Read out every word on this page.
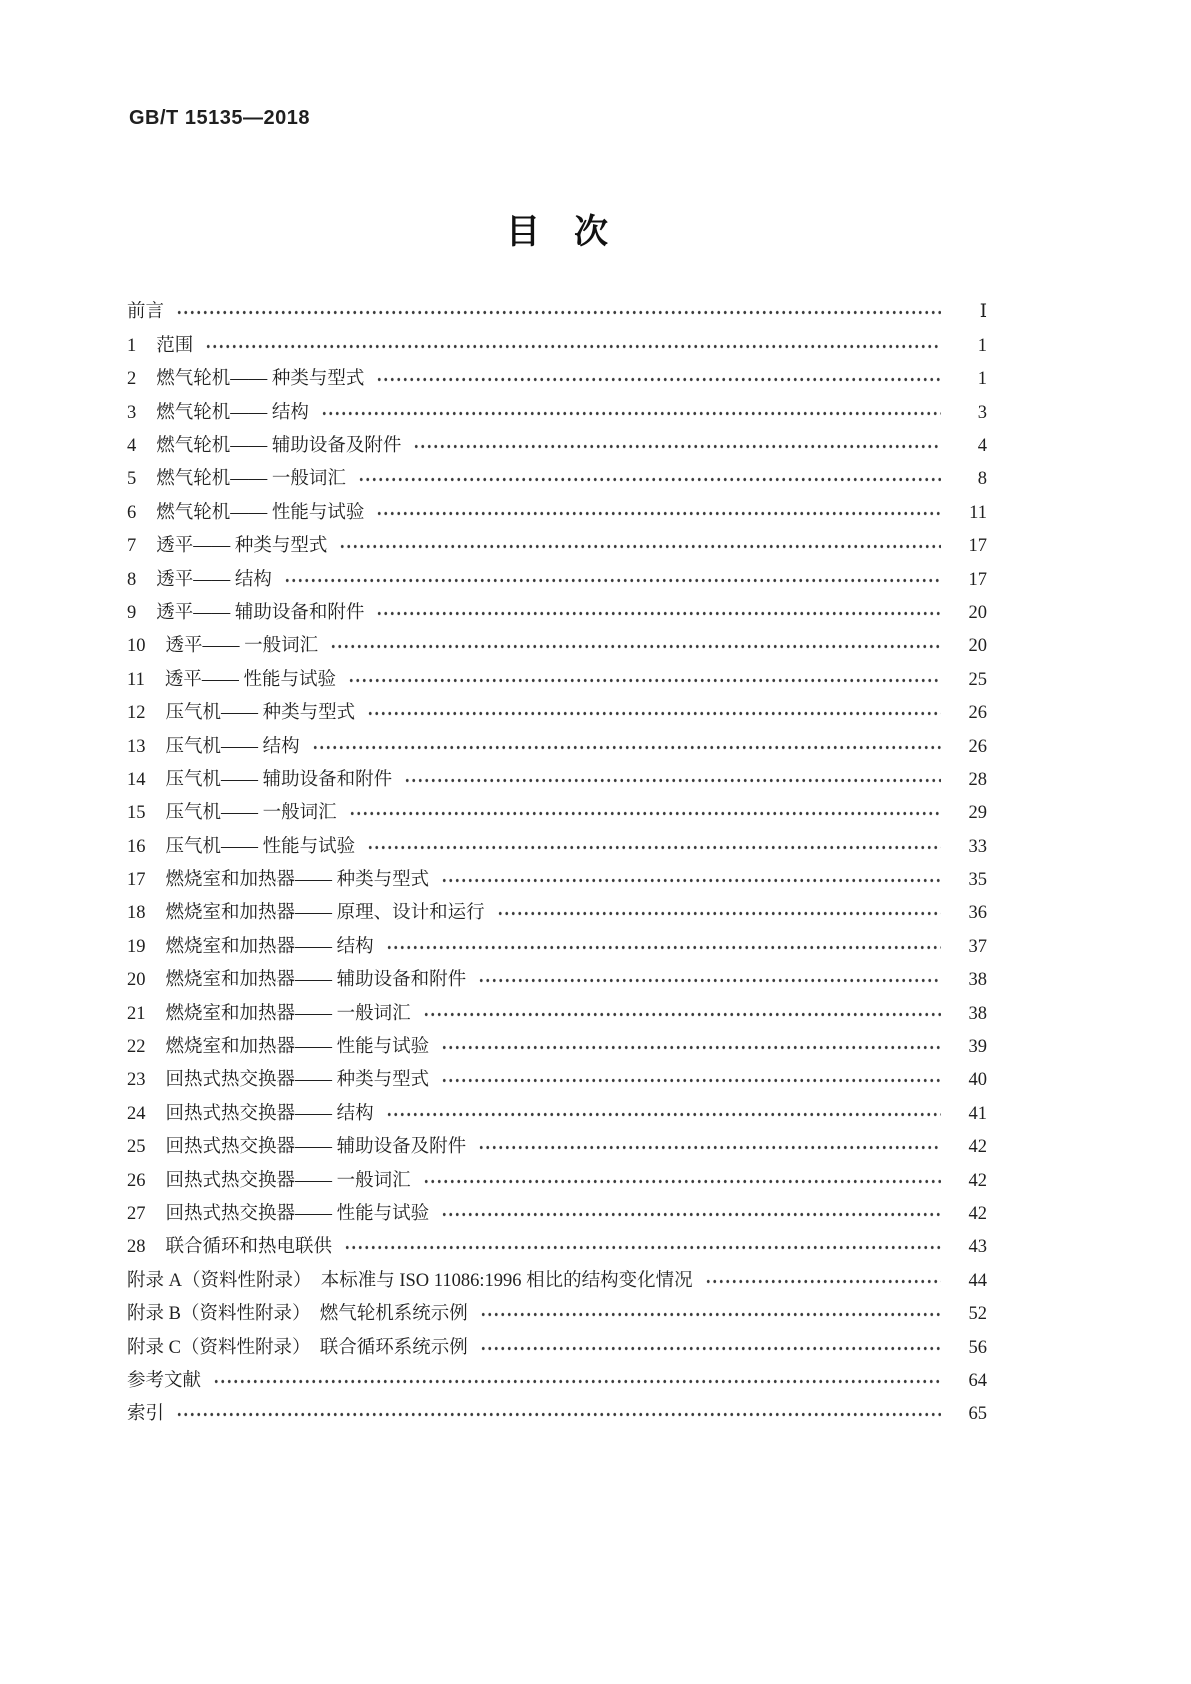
GB/T 15135—2018
目　次
前言	Ⅰ
1 范围	1
2 燃气轮机—— 种类与型式	1
3 燃气轮机—— 结构	3
4 燃气轮机—— 辅助设备及附件	4
5 燃气轮机—— 一般词汇	8
6 燃气轮机—— 性能与试验	11
7 透平—— 种类与型式	17
8 透平—— 结构	17
9 透平—— 辅助设备和附件	20
10 透平—— 一般词汇	20
11 透平—— 性能与试验	25
12 压气机—— 种类与型式	26
13 压气机—— 结构	26
14 压气机—— 辅助设备和附件	28
15 压气机—— 一般词汇	29
16 压气机—— 性能与试验	33
17 燃烧室和加热器—— 种类与型式	35
18 燃烧室和加热器—— 原理、设计和运行	36
19 燃烧室和加热器—— 结构	37
20 燃烧室和加热器—— 辅助设备和附件	38
21 燃烧室和加热器—— 一般词汇	38
22 燃烧室和加热器—— 性能与试验	39
23 回热式热交换器—— 种类与型式	40
24 回热式热交换器—— 结构	41
25 回热式热交换器—— 辅助设备及附件	42
26 回热式热交换器—— 一般词汇	42
27 回热式热交换器—— 性能与试验	42
28 联合循环和热电联供	43
附录 A（资料性附录）　本标准与 ISO 11086:1996 相比的结构变化情况	44
附录 B（资料性附录）　燃气轮机系统示例	52
附录 C（资料性附录）　联合循环系统示例	56
参考文献	64
索引	65
